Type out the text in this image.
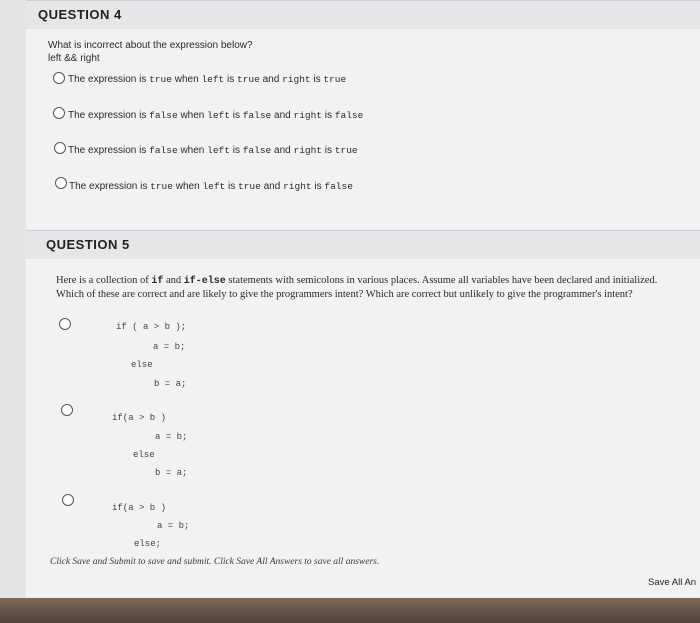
QUESTION 4
What is incorrect about the expression below?
left && right
The expression is true when left is true and right is true
The expression is false when left is false and right is false
The expression is false when left is false and right is true
The expression is true when left is true and right is false
QUESTION 5
Here is a collection of if and if-else statements with semicolons in various places. Assume all variables have been declared and initialized. Which of these are correct and are likely to give the programmers intent? Which are correct but unlikely to give the programmer's intent?
if ( a > b );
a = b;
else
b = a;
if(a > b )
a = b;
else
b = a;
if(a > b )
a = b;
else;
Click Save and Submit to save and submit. Click Save All Answers to save all answers.
Save All An
